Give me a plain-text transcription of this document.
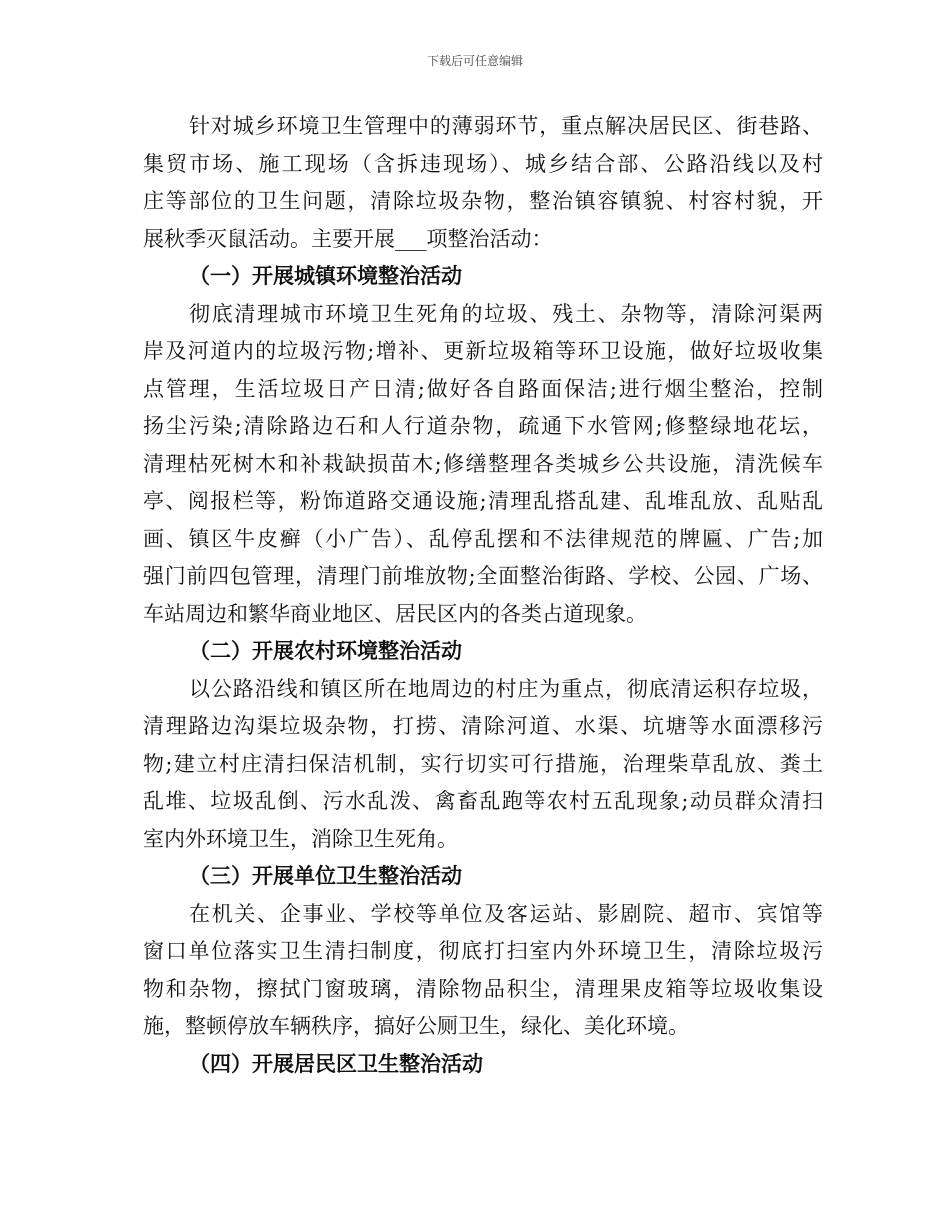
下载后可任意编辑
针对城乡环境卫生管理中的薄弱环节，重点解决居民区、街巷路、
集贸市场、施工现场（含拆违现场）、城乡结合部、公路沿线以及村
庄等部位的卫生问题，清除垃圾杂物，整治镇容镇貌、村容村貌，开
展秋季灭鼠活动。主要开展___项整治活动：
（一）开展城镇环境整治活动
彻底清理城市环境卫生死角的垃圾、残土、杂物等，清除河渠两
岸及河道内的垃圾污物;增补、更新垃圾箱等环卫设施，做好垃圾收集
点管理，生活垃圾日产日清;做好各自路面保洁;进行烟尘整治，控制
扬尘污染;清除路边石和人行道杂物，疏通下水管网;修整绿地花坛，
清理枯死树木和补栽缺损苗木;修缮整理各类城乡公共设施，清洗候车
亭、阅报栏等，粉饰道路交通设施;清理乱搭乱建、乱堆乱放、乱贴乱
画、镇区牛皮癣（小广告）、乱停乱摆和不法律规范的牌匾、广告;加
强门前四包管理，清理门前堆放物;全面整治街路、学校、公园、广场、
车站周边和繁华商业地区、居民区内的各类占道现象。
（二）开展农村环境整治活动
以公路沿线和镇区所在地周边的村庄为重点，彻底清运积存垃圾，
清理路边沟渠垃圾杂物，打捞、清除河道、水渠、坑塘等水面漂移污
物;建立村庄清扫保洁机制，实行切实可行措施，治理柴草乱放、粪土
乱堆、垃圾乱倒、污水乱泼、禽畜乱跑等农村五乱现象;动员群众清扫
室内外环境卫生，消除卫生死角。
（三）开展单位卫生整治活动
在机关、企事业、学校等单位及客运站、影剧院、超市、宾馆等
窗口单位落实卫生清扫制度，彻底打扫室内外环境卫生，清除垃圾污
物和杂物，擦拭门窗玻璃，清除物品积尘，清理果皮箱等垃圾收集设
施，整顿停放车辆秩序，搞好公厕卫生，绿化、美化环境。
（四）开展居民区卫生整治活动
